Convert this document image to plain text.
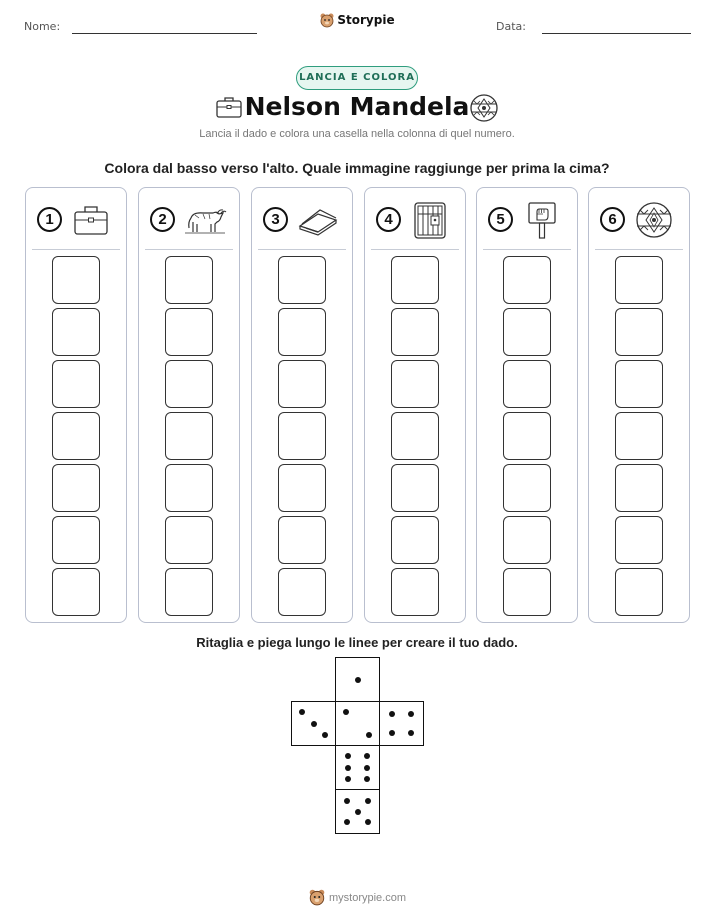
Nome:	Storypie	Data:
LANCIA E COLORA
Nelson Mandela
Lancia il dado e colora una casella nella colonna di quel numero.
Colora dal basso verso l'alto. Quale immagine raggiunge per prima la cima?
1	2	3	4	5	6
Ritaglia e piega lungo le linee per creare il tuo dado.
mystorypie.com
